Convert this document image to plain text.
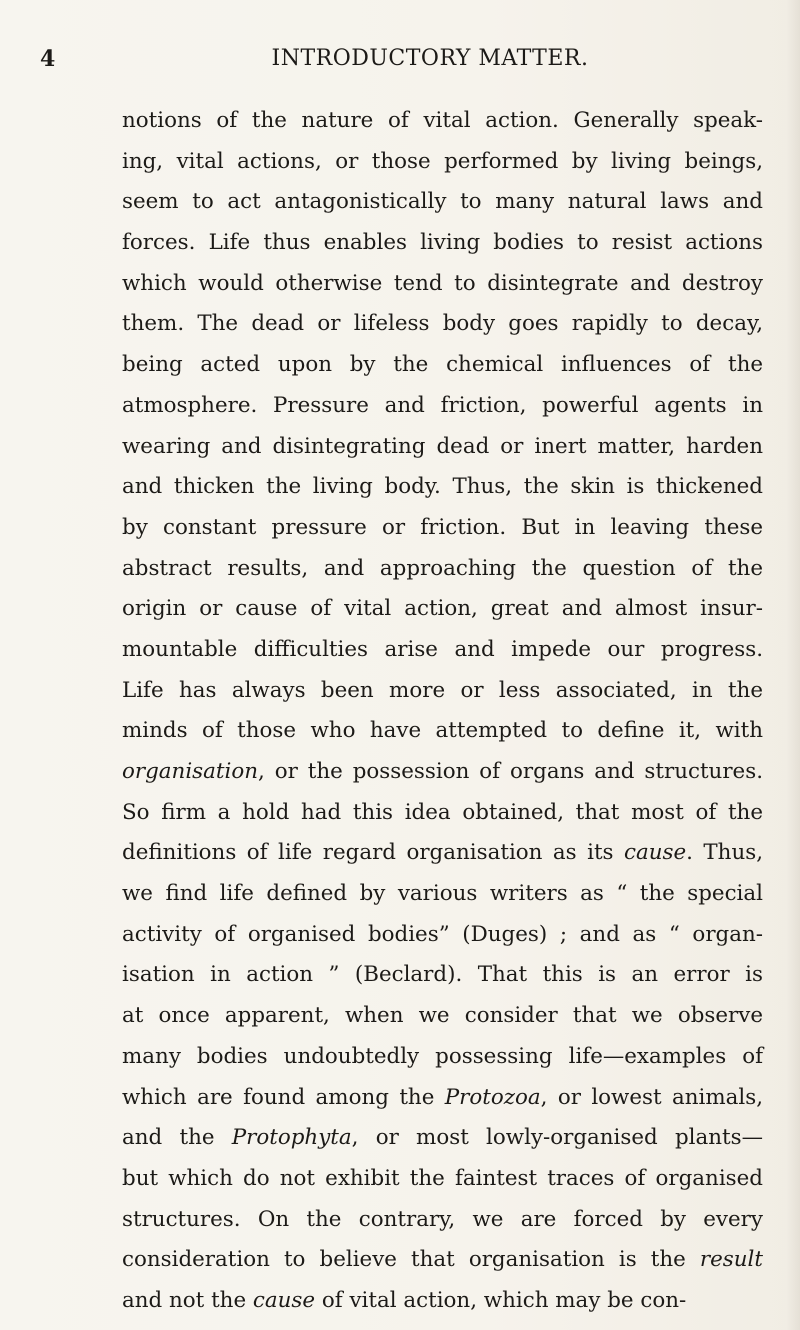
4	INTRODUCTORY MATTER.
notions of the nature of vital action. Generally speak-
ing, vital actions, or those performed by living beings,
seem to act antagonistically to many natural laws and
forces. Life thus enables living bodies to resist actions
which would otherwise tend to disintegrate and destroy
them. The dead or lifeless body goes rapidly to decay,
being acted upon by the chemical influences of the
atmosphere. Pressure and friction, powerful agents in
wearing and disintegrating dead or inert matter, harden
and thicken the living body. Thus, the skin is thickened
by constant pressure or friction. But in leaving these
abstract results, and approaching the question of the
origin or cause of vital action, great and almost insur-
mountable difficulties arise and impede our progress.
Life has always been more or less associated, in the
minds of those who have attempted to define it, with
organisation, or the possession of organs and structures.
So firm a hold had this idea obtained, that most of the
definitions of life regard organisation as its cause. Thus,
we find life defined by various writers as “ the special
activity of organised bodies” (Duges) ; and as “ organ-
isation in action ” (Beclard). That this is an error is
at once apparent, when we consider that we observe
many bodies undoubtedly possessing life—examples of
which are found among the Protozoa, or lowest animals,
and the Protophyta, or most lowly-organised plants—
but which do not exhibit the faintest traces of organised
structures. On the contrary, we are forced by every
consideration to believe that organisation is the result
and not the cause of vital action, which may be con-
